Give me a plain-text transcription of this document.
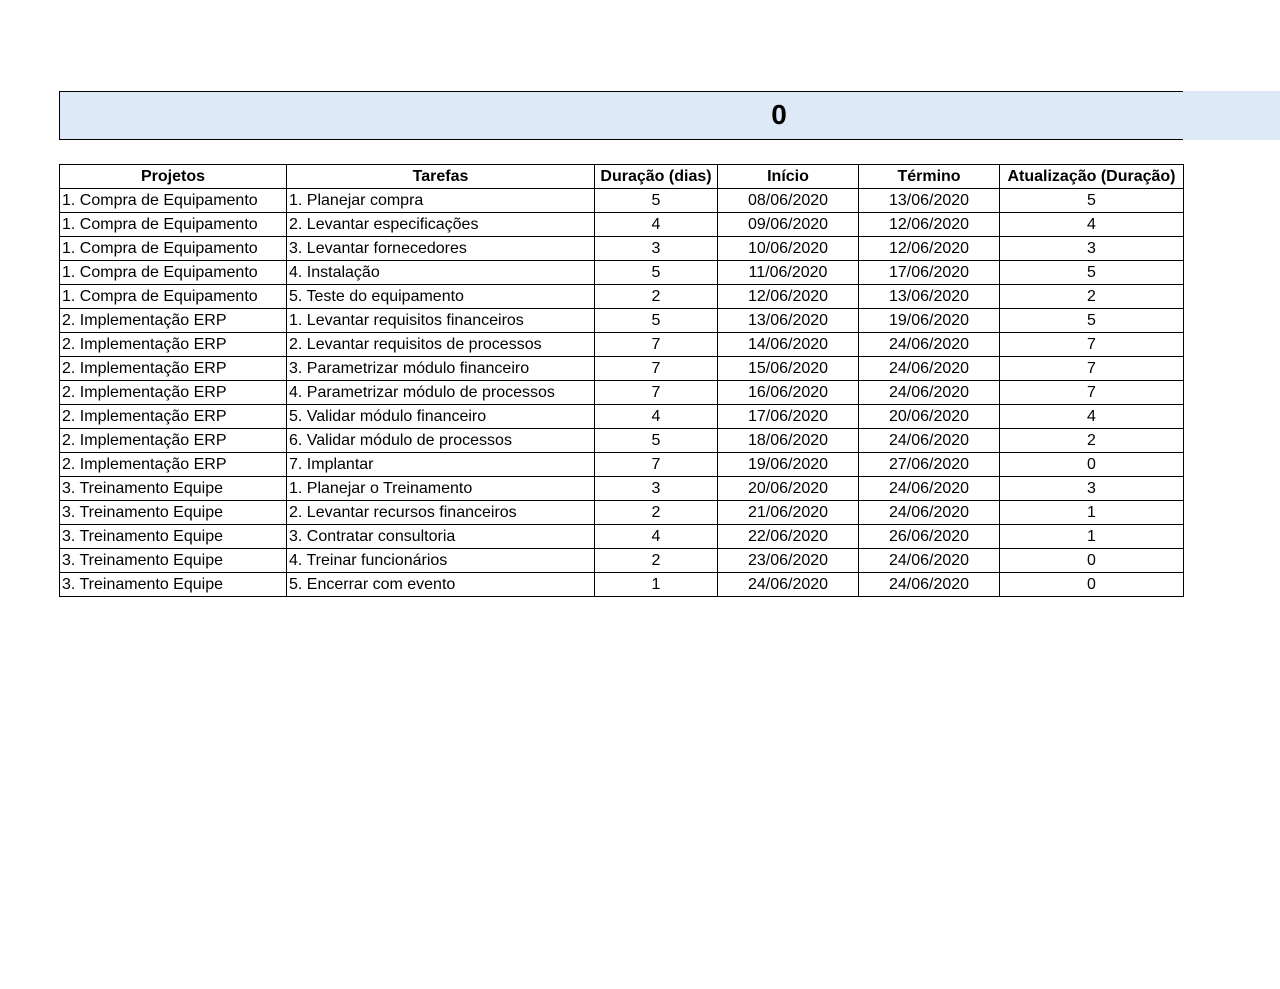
0
Projetos	Tarefas	Duração (dias)	Início	Término	Atualização (Duração)
1. Compra de Equipamento	1. Planejar compra	5	08/06/2020	13/06/2020	5
1. Compra de Equipamento	2. Levantar especificações	4	09/06/2020	12/06/2020	4
1. Compra de Equipamento	3. Levantar fornecedores	3	10/06/2020	12/06/2020	3
1. Compra de Equipamento	4. Instalação	5	11/06/2020	17/06/2020	5
1. Compra de Equipamento	5. Teste do equipamento	2	12/06/2020	13/06/2020	2
2. Implementação ERP	1. Levantar requisitos financeiros	5	13/06/2020	19/06/2020	5
2. Implementação ERP	2. Levantar requisitos de processos	7	14/06/2020	24/06/2020	7
2. Implementação ERP	3. Parametrizar módulo financeiro	7	15/06/2020	24/06/2020	7
2. Implementação ERP	4. Parametrizar módulo de processos	7	16/06/2020	24/06/2020	7
2. Implementação ERP	5. Validar módulo financeiro	4	17/06/2020	20/06/2020	4
2. Implementação ERP	6. Validar módulo de processos	5	18/06/2020	24/06/2020	2
2. Implementação ERP	7. Implantar	7	19/06/2020	27/06/2020	0
3. Treinamento Equipe	1. Planejar o Treinamento	3	20/06/2020	24/06/2020	3
3. Treinamento Equipe	2. Levantar recursos financeiros	2	21/06/2020	24/06/2020	1
3. Treinamento Equipe	3. Contratar consultoria	4	22/06/2020	26/06/2020	1
3. Treinamento Equipe	4. Treinar funcionários	2	23/06/2020	24/06/2020	0
3. Treinamento Equipe	5. Encerrar com evento	1	24/06/2020	24/06/2020	0
